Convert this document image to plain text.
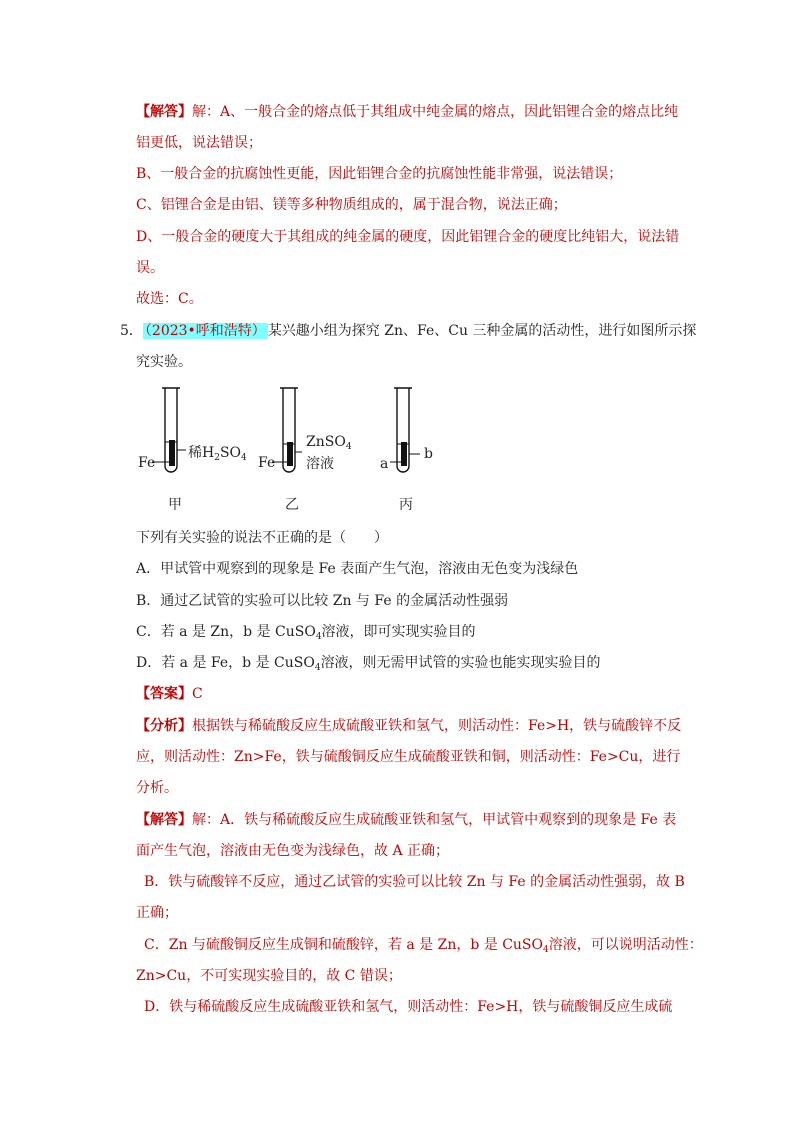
【解答】解：A、一般合金的熔点低于其组成中纯金属的熔点，因此铝锂合金的熔点比纯
铝更低，说法错误；
B、一般合金的抗腐蚀性更能，因此铝锂合金的抗腐蚀性能非常强，说法错误；
C、铝锂合金是由铝、镁等多种物质组成的，属于混合物，说法正确；
D、一般合金的硬度大于其组成的纯金属的硬度，因此铝锂合金的硬度比纯铝大，说法错
误。
故选：C。
5． （2023•呼和浩特） 某兴趣小组为探究 Zn、Fe、Cu 三种金属的活动性，进行如图所示探
究实验。
Fe
稀$H_2SO_4$ Fe
ZnSO$_4$
溶液	a
b
甲	乙	丙
下列有关实验的说法不正确的是（　　）
A．甲试管中观察到的现象是 Fe 表面产生气泡，溶液由无色变为浅绿色
B．通过乙试管的实验可以比较 Zn 与 Fe 的金属活动性强弱
C．若 a 是 Zn，b 是 CuSO$_4$溶液，即可实现实验目的
D．若 a 是 Fe，b 是 CuSO$_4$溶液，则无需甲试管的实验也能实现实验目的
【答案】C
【分析】根据铁与稀硫酸反应生成硫酸亚铁和氢气，则活动性：Fe>H，铁与硫酸锌不反
应，则活动性：Zn>Fe，铁与硫酸铜反应生成硫酸亚铁和铜，则活动性：Fe>Cu，进行
分析。
【解答】解：A．铁与稀硫酸反应生成硫酸亚铁和氢气，甲试管中观察到的现象是 Fe 表
面产生气泡，溶液由无色变为浅绿色，故 A 正确；
B．铁与硫酸锌不反应，通过乙试管的实验可以比较 Zn 与 Fe 的金属活动性强弱，故 B
正确；
C．Zn 与硫酸铜反应生成铜和硫酸锌，若 a 是 Zn，b 是 CuSO$_4$溶液，可以说明活动性：
Zn>Cu，不可实现实验目的，故 C 错误；
D．铁与稀硫酸反应生成硫酸亚铁和氢气，则活动性：Fe>H，铁与硫酸铜反应生成硫
